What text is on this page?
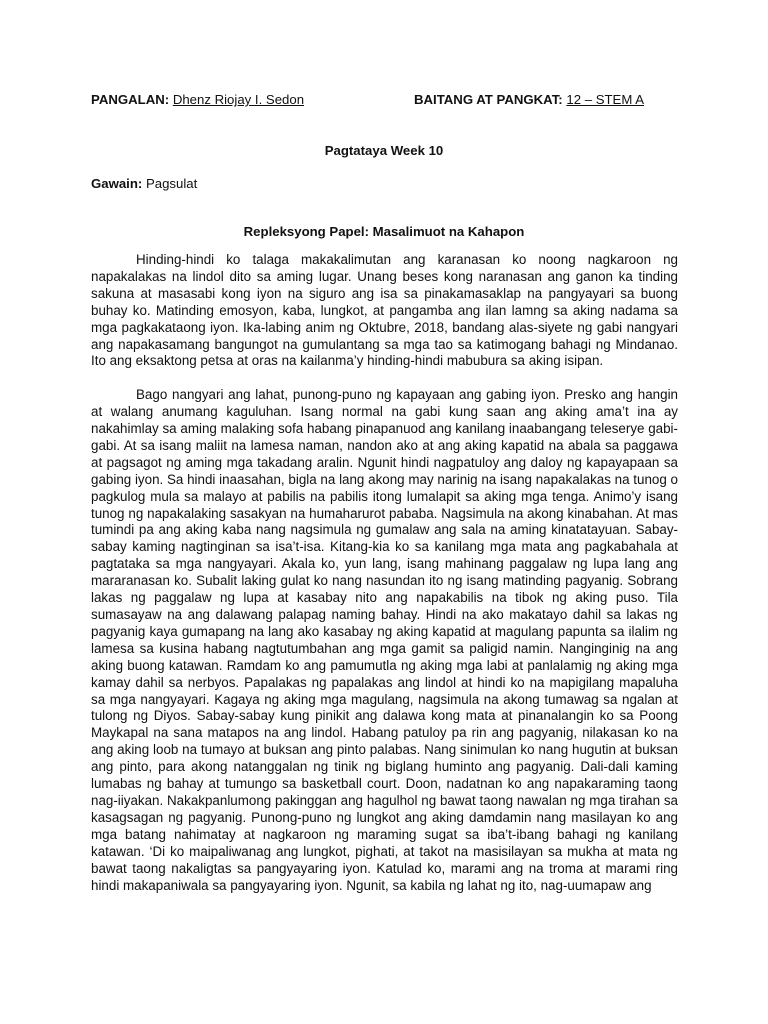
PANGALAN: Dhenz Riojay I. Sedon	BAITANG AT PANGKAT: 12 – STEM A
Pagtataya Week 10
Gawain: Pagsulat
Repleksyong Papel: Masalimuot na Kahapon

Hinding-hindi ko talaga makakalimutan ang karanasan ko noong nagkaroon ng napakalakas na lindol dito sa aming lugar. Unang beses kong naranasan ang ganon ka tinding sakuna at masasabi kong iyon na siguro ang isa sa pinakamasaklap na pangyayari sa buong buhay ko. Matinding emosyon, kaba, lungkot, at pangamba ang ilan lamng sa aking nadama sa mga pagkakataong iyon. Ika-labing anim ng Oktubre, 2018, bandang alas-siyete ng gabi nangyari ang napakasamang bangungot na gumulantang sa mga tao sa katimogang bahagi ng Mindanao. Ito ang eksaktong petsa at oras na kailanma’y hinding-hindi mabubura sa aking isipan.

Bago nangyari ang lahat, punong-puno ng kapayaan ang gabing iyon. Presko ang hangin at walang anumang kaguluhan. Isang normal na gabi kung saan ang aking ama’t ina ay nakahimlay sa aming malaking sofa habang pinapanuod ang kanilang inaabangang teleserye gabi-gabi. At sa isang maliit na lamesa naman, nandon ako at ang aking kapatid na abala sa paggawa at pagsagot ng aming mga takadang aralin. Ngunit hindi nagpatuloy ang daloy ng kapayapaan sa gabing iyon. Sa hindi inaasahan, bigla na lang akong may narinig na isang napakalakas na tunog o pagkulog mula sa malayo at pabilis na pabilis itong lumalapit sa aking mga tenga. Animo’y isang tunog ng napakalaking sasakyan na humaharurot pababa. Nagsimula na akong kinabahan. At mas tumindi pa ang aking kaba nang nagsimula ng gumalaw ang sala na aming kinatatayuan. Sabay-sabay kaming nagtinginan sa isa’t-isa. Kitang-kia ko sa kanilang mga mata ang pagkabahala at pagtataka sa mga nangyayari. Akala ko, yun lang, isang mahinang paggalaw ng lupa lang ang mararanasan ko. Subalit laking gulat ko nang nasundan ito ng isang matinding pagyanig. Sobrang lakas ng paggalaw ng lupa at kasabay nito ang napakabilis na tibok ng aking puso. Tila sumasayaw na ang dalawang palapag naming bahay. Hindi na ako makatayo dahil sa lakas ng pagyanig kaya gumapang na lang ako kasabay ng aking kapatid at magulang papunta sa ilalim ng lamesa sa kusina habang nagtutumbahan ang mga gamit sa paligid namin. Nanginginig na ang aking buong katawan. Ramdam ko ang pamumutla ng aking mga labi at panlalamig ng aking mga kamay dahil sa nerbyos. Papalakas ng papalakas ang lindol at hindi ko na mapigilang mapaluha sa mga nangyayari. Kagaya ng aking mga magulang, nagsimula na akong tumawag sa ngalan at tulong ng Diyos. Sabay-sabay kung pinikit ang dalawa kong mata at pinanalangin ko sa Poong Maykapal na sana matapos na ang lindol. Habang patuloy pa rin ang pagyanig, nilakasan ko na ang aking loob na tumayo at buksan ang pinto palabas. Nang sinimulan ko nang hugutin at buksan ang pinto, para akong natanggalan ng tinik ng biglang huminto ang pagyanig. Dali-dali kaming lumabas ng bahay at tumungo sa basketball court. Doon, nadatnan ko ang napakaraming taong nag-iiyakan. Nakakpanlumong pakinggan ang hagulhol ng bawat taong nawalan ng mga tirahan sa kasagsagan ng pagyanig. Punong-puno ng lungkot ang aking damdamin nang masilayan ko ang mga batang nahimatay at nagkaroon ng maraming sugat sa iba’t-ibang bahagi ng kanilang katawan. ‘Di ko maipaliwanag ang lungkot, pighati, at takot na masisilayan sa mukha at mata ng bawat taong nakaligtas sa pangyayaring iyon. Katulad ko, marami ang na troma at marami ring hindi makapaniwala sa pangyayaring iyon. Ngunit, sa kabila ng lahat ng ito, nag-uumapaw ang
